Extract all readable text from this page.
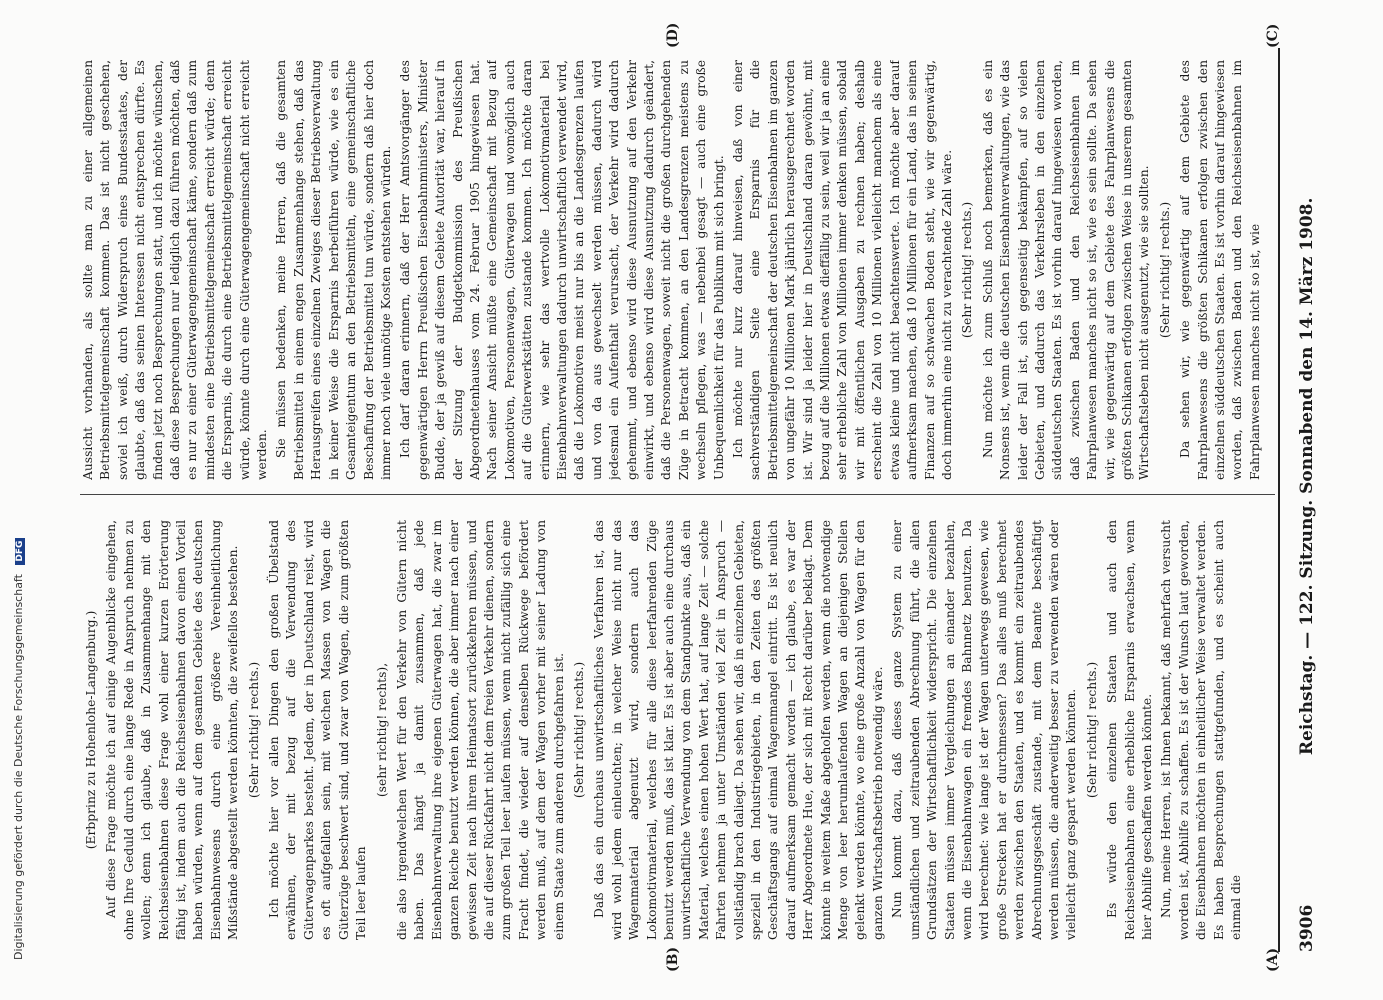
3906
Reichstag. — 122. Sitzung. Sonnabend den 14. März 1908.

(Erbprinz zu Hohenlohe-Langenburg.) Auf diese Frage möchte ich auf einige Augenblicke eingehen, ohne Ihre Geduld durch eine lange Rede in Anspruch nehmen zu wollen; denn ich glaube, daß in Zusammenhange mit den Reichseisenbahnen diese Frage wohl einer kurzen Erörterung fähig ist, indem auch die Reichseisenbahnen davon einen Vorteil haben würden, wenn auf dem gesamten Gebiete des deutschen Eisenbahnwesens durch eine größere Vereinheitlichung Mißstände abgestellt werden könnten, die zweifellos bestehen. (Sehr richtig! rechts.) Ich möchte hier vor allen Dingen den großen Übelstand erwähnen, der mit bezug auf die Verwendung des Güterwagenparkes besteht. Jedem, der in Deutschland reist, wird es oft aufgefallen sein, mit welchen Massen von Wagen die Güterzüge beschwert sind, und zwar von Wagen, die zum größten Teil leer laufen

(sehr richtig! rechts), die also irgendwelchen Wert für den Verkehr von Gütern nicht haben. Das hängt ja damit zusammen, daß jede Eisenbahnverwaltung ihre eigenen Güterwagen hat, die zwar im ganzen Reiche benutzt werden können, die aber immer nach einer gewissen Zeit nach ihrem Heimatsort zurückkehren müssen, und die auf dieser Rückfahrt nicht dem freien Verkehr dienen, sondern zum großen Teil leer laufen müssen, wenn nicht zufällig sich eine Fracht findet, die wieder auf denselben Rückwege befördert werden muß, auf dem der Wagen vorher mit seiner Ladung von einem Staate zum anderen durchgefahren ist. (Sehr richtig! rechts.) Daß das ein durchaus unwirtschaftliches Verfahren ist, das wird wohl jedem einleuchten; in welcher Weise nicht nur das Wagenmaterial abgenutzt wird, sondern auch das Lokomotivmaterial, welches für alle diese leerfahrenden Züge benutzt werden muß, das ist klar. Es ist aber auch eine durchaus unwirtschaftliche Verwendung von dem Standpunkte aus, daß ein Material, welches einen hohen Wert hat, auf lange Zeit — solche Fahrten nehmen ja unter Umständen viel Zeit in Anspruch — vollständig brach daliegt. Da sehen wir, daß in einzelnen Gebieten, speziell in den Industriegebieten, in den Zeiten des größten Geschäftsgangs auf einmal Wagenmangel eintritt. Es ist neulich darauf aufmerksam gemacht worden — ich glaube, es war der Herr Abgeordnete Hue, der sich mit Recht darüber beklagt. Dem könnte in weitem Maße abgeholfen werden, wenn die notwendige Menge von leer herumlaufenden Wagen an diejenigen Stellen gelenkt werden könnte, wo eine große Anzahl von Wagen für den ganzen Wirtschaftsbetrieb notwendig wäre. Nun kommt dazu, daß dieses ganze System zu einer umständlichen und zeitraubenden Abrechnung führt, die allen Grundsätzen der Wirtschaftlichkeit widerspricht. Die einzelnen Staaten müssen immer Vergleichungen an einander bezahlen, wenn die Eisenbahnwagen ein fremdes Bahnnetz benutzen. Da wird berechnet: wie lange ist der Wagen unterwegs gewesen, wie große Strecken hat er durchmessen? Das alles muß berechnet werden zwischen den Staaten, und es kommt ein zeitraubendes Abrechnungsgeschäft zustande, mit dem Beamte beschäftigt werden müssen, die anderweitig besser zu verwenden wären oder vielleicht ganz gespart werden könnten. (Sehr richtig! rechts.) Es würde den einzelnen Staaten und auch den Reichseisenbahnen eine erhebliche Ersparnis erwachsen, wenn hier Abhilfe geschaffen werden könnte. Nun, meine Herren, ist Ihnen bekannt, daß mehrfach versucht worden ist, Abhilfe zu schaffen. Es ist der Wunsch laut geworden, die Eisenbahnen möchten in einheitlicher Weise verwaltet werden. Es haben Besprechungen stattgefunden, und es scheint auch einmal die

Aussicht vorhanden, als sollte man zu einer allgemeinen Betriebsmittelgemeinschaft kommen. Das ist nicht geschehen, soviel ich weiß, durch Widerspruch eines Bundesstaates, der glaubte, daß das seinen Interessen nicht entsprechen dürfte. Es finden jetzt noch Besprechungen statt, und ich möchte wünschen, daß diese Besprechungen nur lediglich dazu führen möchten, daß es nur zu einer Güterwagengemeinschaft käme, sondern daß zum mindesten eine Betriebsmittelgemeinschaft erreicht würde; denn die Ersparnis, die durch eine Betriebsmittelgemeinschaft erreicht würde, könnte durch eine Güterwagengemeinschaft nicht erreicht werden. Sie müssen bedenken, meine Herren, daß die gesamten Betriebsmittel in einem engen Zusammenhange stehen, daß das Herausgreifen eines einzelnen Zweiges dieser Betriebsverwaltung in keiner Weise die Ersparnis herbeiführen würde, wie es ein Gesamteigentum an den Betriebsmitteln, eine gemeinschaftliche Beschaffung der Betriebsmittel tun würde, sondern daß hier doch immer noch viele unnötige Kosten entstehen würden. Ich darf daran erinnern, daß der Herr Amtsvorgänger des gegenwärtigen Herrn Preußischen Eisenbahnministers, Minister Budde, der ja gewiß auf diesem Gebiete Autorität war, hierauf in der Sitzung der Budgetkommission des Preußischen Abgeordnetenhauses vom 24. Februar 1905 hingewiesen hat. Nach seiner Ansicht müßte eine Gemeinschaft mit Bezug auf Lokomotiven, Personenwagen, Güterwagen und womöglich auch auf die Güterwerkstätten zustande kommen. Ich möchte daran erinnern, wie sehr das wertvolle Lokomotivmaterial bei Eisenbahnverwaltungen dadurch unwirtschaftlich verwendet wird, daß die Lokomotiven meist nur bis an die Landesgrenzen laufen und von da aus gewechselt werden müssen, dadurch wird jedesmal ein Aufenthalt verursacht, der Verkehr wird dadurch gehemmt, und ebenso wird diese Ausnutzung auf den Verkehr einwirkt, und ebenso wird diese Ausnutzung dadurch geändert, daß die Personenwagen, soweit nicht die großen durchgehenden Züge in Betracht kommen, an den Landesgrenzen meistens zu wechseln pflegen, was — nebenbei gesagt — auch eine große Unbequemlichkeit für das Publikum mit sich bringt. Ich möchte nur kurz darauf hinweisen, daß von einer sachverständigen Seite eine Ersparnis für die Betriebsmittelgemeinschaft der deutschen Eisenbahnen im ganzen von ungefähr 10 Millionen Mark jährlich herausgerechnet worden ist. Wir sind ja leider hier in Deutschland daran gewöhnt, mit bezug auf die Millionen etwas dieffällig zu sein, weil wir ja an eine sehr erhebliche Zahl von Millionen immer denken müssen, sobald wir mit öffentlichen Ausgaben zu rechnen haben; deshalb erscheint die Zahl von 10 Millionen vielleicht manchem als eine etwas kleine und nicht beachtenswerte. Ich möchte aber darauf aufmerksam machen, daß 10 Millionen für ein Land, das in seinen Finanzen auf so schwachen Boden steht, wie wir gegenwärtig, doch immerhin eine nicht zu verachtende Zahl wäre. (Sehr richtig! rechts.) Nun möchte ich zum Schluß noch bemerken, daß es ein Nonsens ist, wenn die deutschen Eisenbahnverwaltungen, wie das leider der Fall ist, sich gegenseitig bekämpfen, auf so vielen Gebieten, und dadurch das Verkehrsleben in den einzelnen süddeutschen Staaten. Es ist vorhin darauf hingewiesen worden, daß zwischen Baden und den Reichseisenbahnen im Fahrplanwesen manches nicht so ist, wie es sein sollte. Da sehen wir, wie gegenwärtig auf dem Gebiete des Fahrplanwesens die größten Schikanen erfolgen zwischen Weise in unserem gesamten Wirtschaftsleben nicht ausgenutzt, wie sie sollten. (Sehr richtig! rechts.) Da sehen wir, wie gegenwärtig auf dem Gebiete des Fahrplanwesens die größten Schikanen erfolgen zwischen den einzelnen süddeutschen Staaten. Es ist vorhin darauf hingewiesen worden, daß zwischen Baden und den Reichseisenbahnen im Fahrplanwesen manches nicht so ist, wie

(A)
(B)
(C)
(D)
Digitalisierung gefördert durch die Deutsche Forschungsgemeinschaft DFG
